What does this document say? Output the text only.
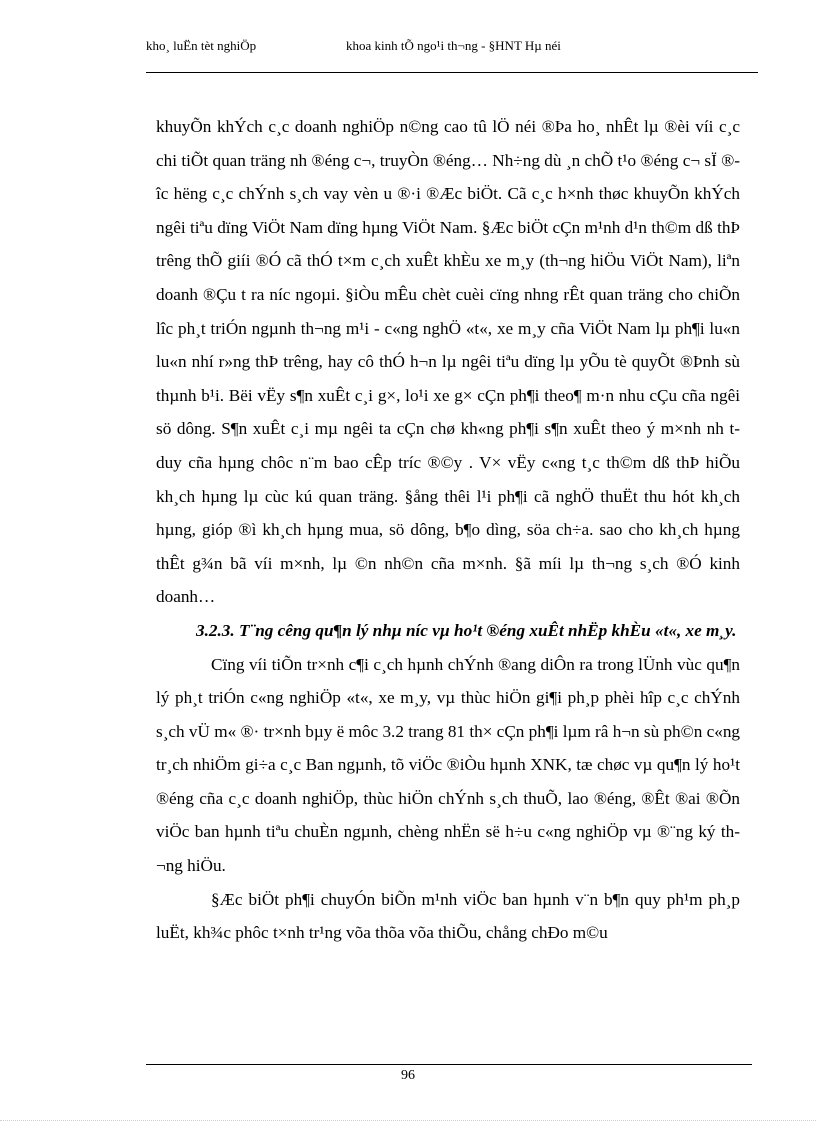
kho¸ luËn tèt nghiÖp	khoa kinh tÕ ngo¹i th¬ng - §HNT Hµ néi

khuyÕn khÝch c¸c doanh nghiÖp n©ng cao tû lÖ néi ®Þa ho¸ nhÊt lµ ®èi víi c¸c chi tiÕt quan träng nh ®éng c¬, truyÒn ®éng… Nh÷ng dù ¸n chÕ t¹o ®éng c¬ sÏ ®îc hëng c¸c chÝnh s¸ch vay vèn u ®·i ®Æc biÖt. Cã c¸c h×nh thøc khuyÕn khÝch ngêi tiªu dïng ViÖt Nam dïng hµng ViÖt Nam. §Æc biÖt cÇn m¹nh d¹n th©m dß thÞ trêng thÕ giíi ®Ó cã thÓ t×m c¸ch xuÊt khÈu xe m¸y (th¬ng hiÖu ViÖt Nam), liªn doanh ®Çu t ra níc ngoµi. §iÒu mÊu chèt cuèi cïng nhng rÊt quan träng cho chiÕn lîc ph¸t triÓn ngµnh th¬ng m¹i - c«ng nghÖ «t«, xe m¸y cña ViÖt Nam lµ ph¶i lu«n lu«n nhí r»ng thÞ trêng, hay cô thÓ h¬n lµ ngêi tiªu dïng lµ yÕu tè quyÕt ®Þnh sù thµnh b¹i. Bëi vËy s¶n xuÊt c¸i g×, lo¹i xe g× cÇn ph¶i theo¶ m·n nhu cÇu cña ngêi sö dông. S¶n xuÊt c¸i mµ ngêi ta cÇn chø kh«ng ph¶i s¶n xuÊt theo ý m×nh nh t duy cña hµng chôc n¨m bao cÊp tríc ®©y . V× vËy c«ng t¸c th©m dß thÞ hiÕu kh¸ch hµng lµ cùc kú quan träng. §ång thêi l¹i ph¶i cã nghÖ thuËt thu hót kh¸ch hµng, gióp ®ì kh¸ch hµng mua, sö dông, b¶o dìng, söa ch÷a. sao cho kh¸ch hµng thÊt g¾n bã víi m×nh, lµ ©n nh©n cña m×nh. §ã míi lµ th¬ng s¸ch ®Ó kinh doanh…

3.2.3. T¨ng cêng qu¶n lý nhµ níc vµ ho¹t ®éng xuÊt nhËp khÈu «t«, xe m¸y.

Cïng víi tiÕn tr×nh c¶i c¸ch hµnh chÝnh ®ang diÔn ra trong lÜnh vùc qu¶n lý ph¸t triÓn c«ng nghiÖp «t«, xe m¸y, vµ thùc hiÖn gi¶i ph¸p phèi hîp c¸c chÝnh s¸ch vÜ m« ®· tr×nh bµy ë môc 3.2 trang 81 th× cÇn ph¶i lµm râ h¬n sù ph©n c«ng tr¸ch nhiÖm gi÷a c¸c Ban ngµnh, tõ viÖc ®iÒu hµnh XNK, tæ chøc vµ qu¶n lý ho¹t ®éng cña c¸c doanh nghiÖp, thùc hiÖn chÝnh s¸ch thuÕ, lao ®éng, ®Êt ®ai ®Õn viÖc ban hµnh tiªu chuÈn ngµnh, chèng nhËn së h÷u c«ng nghiÖp vµ ®¨ng ký th¬ng hiÖu.

§Æc biÖt ph¶i chuyÓn biÕn m¹nh viÖc ban hµnh v¨n b¶n quy ph¹m ph¸p luËt, kh¾c phôc t×nh tr¹ng võa thõa võa thiÕu, chång chÐo m©u

96
